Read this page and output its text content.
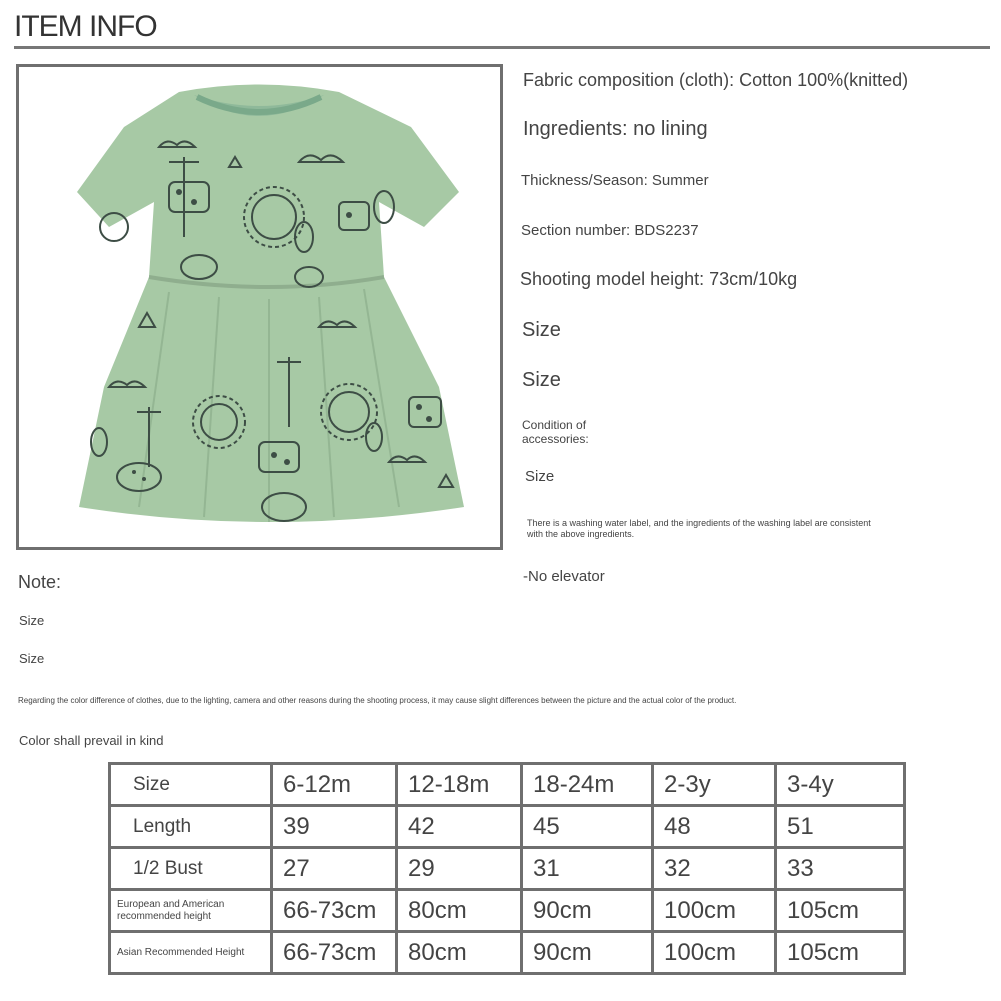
ITEM INFO
Fabric composition (cloth): Cotton 100%(knitted)
Ingredients: no lining
Thickness/Season: Summer
Section number: BDS2237
Shooting model height: 73cm/10kg
Size
Size
Condition of
accessories:
Size
There is a washing water label, and the ingredients of the washing label are consistent
with the above ingredients.
-No elevator
Note:
Size
Size
Regarding the color difference of clothes, due to the lighting, camera and other reasons during the shooting process, it may cause slight differences between the picture and the actual color of the product.
Color shall prevail in kind
Size	6-12m	12-18m	18-24m	2-3y	3-4y
Length	39	42	45	48	51
1/2 Bust	27	29	31	32	33
European and American recommended height	66-73cm	80cm	90cm	100cm	105cm
Asian Recommended Height	66-73cm	80cm	90cm	100cm	105cm
